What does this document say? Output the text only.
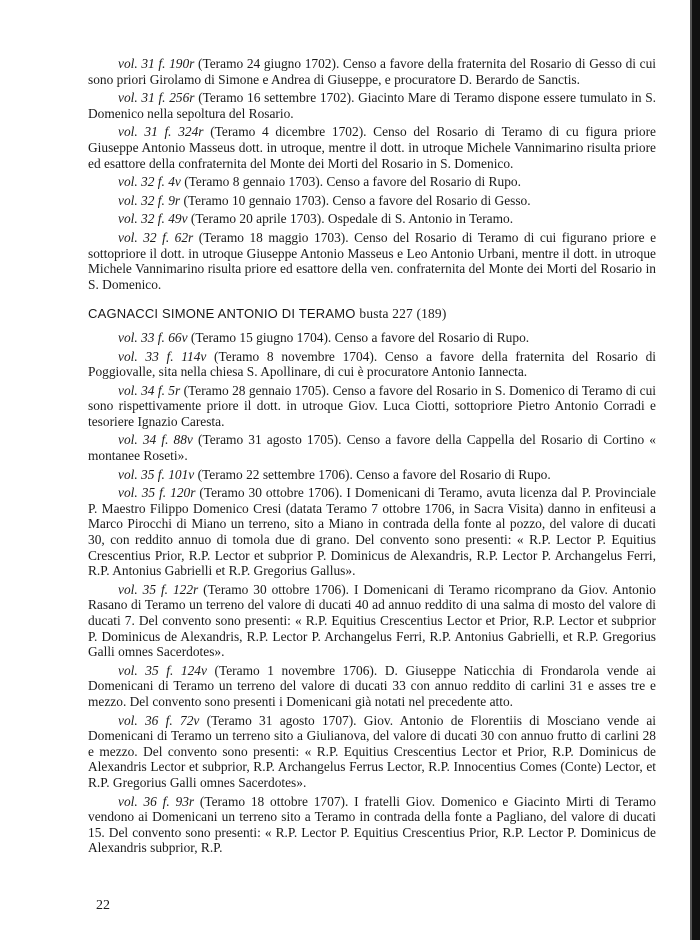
vol. 31 f. 190r (Teramo 24 giugno 1702). Censo a favore della fraternita del Rosario di Gesso di cui sono priori Girolamo di Simone e Andrea di Giuseppe, e procuratore D. Berardo de Sanctis.

vol. 31 f. 256r (Teramo 16 settembre 1702). Giacinto Mare di Teramo dispone essere tumulato in S. Domenico nella sepoltura del Rosario.

vol. 31 f. 324r (Teramo 4 dicembre 1702). Censo del Rosario di Teramo di cu figura priore Giuseppe Antonio Masseus dott. in utroque, mentre il dott. in utroque Michele Vannimarino risulta priore ed esattore della confraternita del Monte dei Morti del Rosario in S. Domenico.

vol. 32 f. 4v (Teramo 8 gennaio 1703). Censo a favore del Rosario di Rupo.

vol. 32 f. 9r (Teramo 10 gennaio 1703). Censo a favore del Rosario di Gesso.

vol. 32 f. 49v (Teramo 20 aprile 1703). Ospedale di S. Antonio in Teramo.

vol. 32 f. 62r (Teramo 18 maggio 1703). Censo del Rosario di Teramo di cui figurano priore e sottopriore il dott. in utroque Giuseppe Antonio Masseus e Leo Antonio Urbani, mentre il dott. in utroque Michele Vannimarino risulta priore ed esattore della ven. confraternita del Monte dei Morti del Rosario in S. Domenico.

CAGNACCI SIMONE ANTONIO DI TERAMO busta 227 (189)

vol. 33 f. 66v (Teramo 15 giugno 1704). Censo a favore del Rosario di Rupo.

vol. 33 f. 114v (Teramo 8 novembre 1704). Censo a favore della fraternita del Rosario di Poggiovalle, sita nella chiesa S. Apollinare, di cui è procuratore Antonio Iannecta.

vol. 34 f. 5r (Teramo 28 gennaio 1705). Censo a favore del Rosario in S. Domenico di Teramo di cui sono rispettivamente priore il dott. in utroque Giov. Luca Ciotti, sottopriore Pietro Antonio Corradi e tesoriere Ignazio Caresta.

vol. 34 f. 88v (Teramo 31 agosto 1705). Censo a favore della Cappella del Rosario di Cortino « montanee Roseti».

vol. 35 f. 101v (Teramo 22 settembre 1706). Censo a favore del Rosario di Rupo.

vol. 35 f. 120r (Teramo 30 ottobre 1706). I Domenicani di Teramo, avuta licenza dal P. Provinciale P. Maestro Filippo Domenico Cresi (datata Teramo 7 ottobre 1706, in Sacra Visita) danno in enfiteusi a Marco Pirocchi di Miano un terreno, sito a Miano in contrada della fonte al pozzo, del valore di ducati 30, con reddito annuo di tomola due di grano. Del convento sono presenti: « R.P. Lector P. Equitius Crescentius Prior, R.P. Lector et subprior P. Dominicus de Alexandris, R.P. Lector P. Archangelus Ferri, R.P. Antonius Gabrielli et R.P. Gregorius Gallus».

vol. 35 f. 122r (Teramo 30 ottobre 1706). I Domenicani di Teramo ricomprano da Giov. Antonio Rasano di Teramo un terreno del valore di ducati 40 ad annuo reddito di una salma di mosto del valore di ducati 7. Del convento sono presenti: « R.P. Equitius Crescentius Lector et Prior, R.P. Lector et subprior P. Dominicus de Alexandris, R.P. Lector P. Archangelus Ferri, R.P. Antonius Gabrielli, et R.P. Gregorius Galli omnes Sacerdotes».

vol. 35 f. 124v (Teramo 1 novembre 1706). D. Giuseppe Naticchia di Frondarola vende ai Domenicani di Teramo un terreno del valore di ducati 33 con annuo reddito di carlini 31 e asses tre e mezzo. Del convento sono presenti i Domenicani già notati nel precedente atto.

vol. 36 f. 72v (Teramo 31 agosto 1707). Giov. Antonio de Florentiis di Mosciano vende ai Domenicani di Teramo un terreno sito a Giulianova, del valore di ducati 30 con annuo frutto di carlini 28 e mezzo. Del convento sono presenti: « R.P. Equitius Crescentius Lector et Prior, R.P. Dominicus de Alexandris Lector et subprior, R.P. Archangelus Ferrus Lector, R.P. Innocentius Comes (Conte) Lector, et R.P. Gregorius Galli omnes Sacerdotes».

vol. 36 f. 93r (Teramo 18 ottobre 1707). I fratelli Giov. Domenico e Giacinto Mirti di Teramo vendono ai Domenicani un terreno sito a Teramo in contrada della fonte a Pagliano, del valore di ducati 15. Del convento sono presenti: « R.P. Lector P. Equitius Crescentius Prior, R.P. Lector P. Dominicus de Alexandris subprior, R.P.

22
